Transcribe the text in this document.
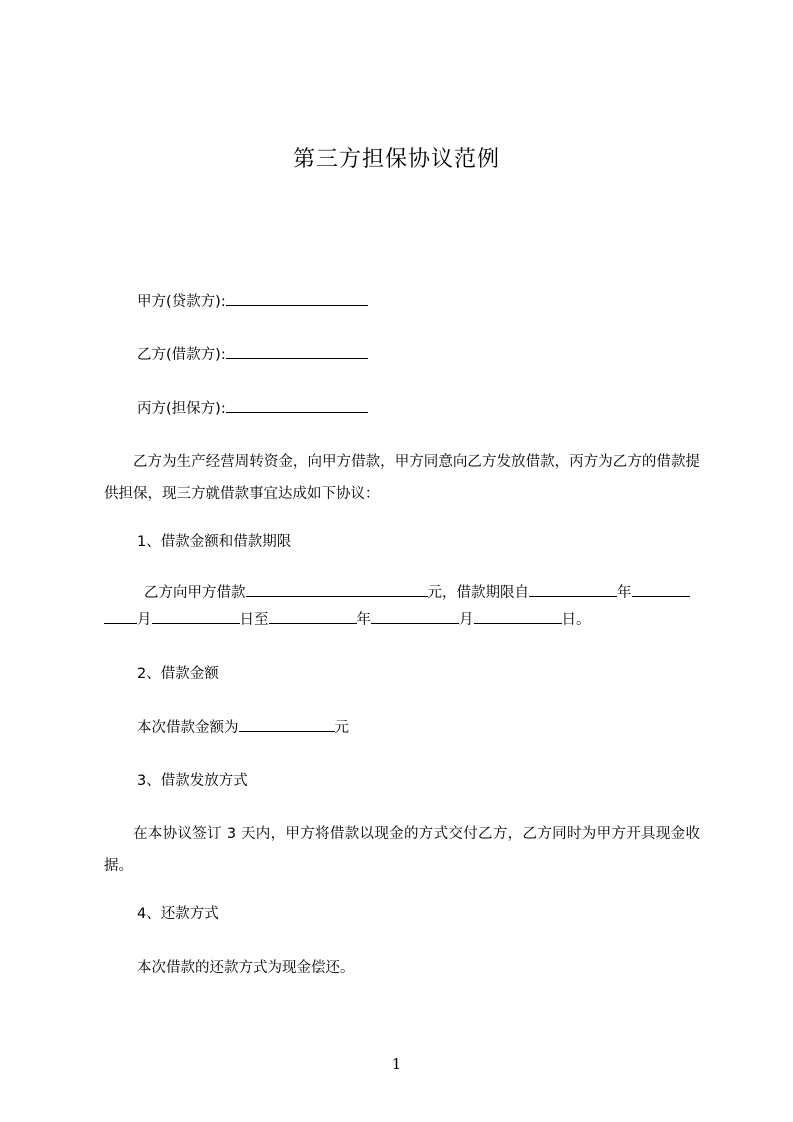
第三方担保协议范例
甲方(贷款方):
乙方(借款方):
丙方(担保方):
乙方为生产经营周转资金，向甲方借款，甲方同意向乙方发放借款，丙方为乙方的借款提供担保，现三方就借款事宜达成如下协议：
1、借款金额和借款期限
乙方向甲方借款	元，借款期限自	年
月	日至	年	月	日。
2、借款金额
本次借款金额为	元
3、借款发放方式
在本协议签订 3 天内，甲方将借款以现金的方式交付乙方，乙方同时为甲方开具现金收据。
4、还款方式
本次借款的还款方式为现金偿还。
1
